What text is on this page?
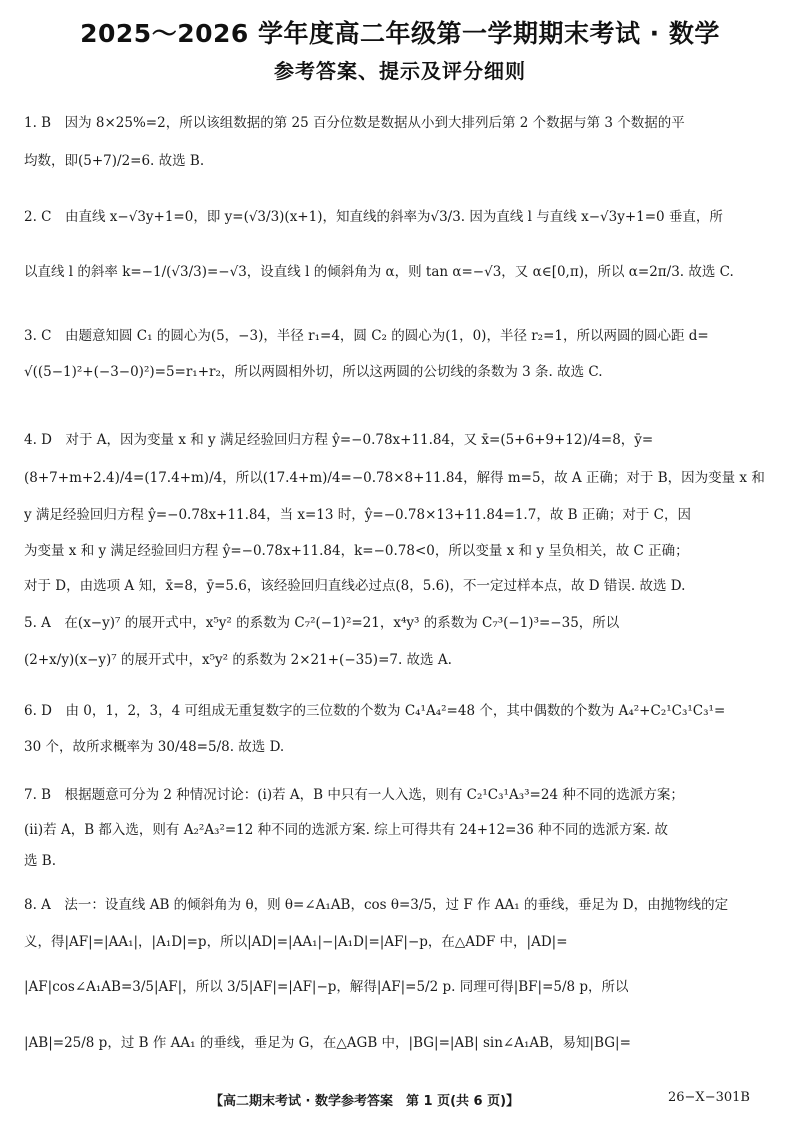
2025～2026 学年度高二年级第一学期期末考试 · 数学
参考答案、提示及评分细则
1. B　因为 8×25%=2，所以该组数据的第 25 百分位数是数据从小到大排列后第 2 个数据与第 3 个数据的平
均数，即(5+7)/2=6. 故选 B.
2. C　由直线 x−√3y+1=0，即 y=(√3/3)(x+1)，知直线的斜率为√3/3. 因为直线 l 与直线 x−√3y+1=0 垂直，所
以直线 l 的斜率 k=−1/(√3/3)=−√3，设直线 l 的倾斜角为 α，则 tan α=−√3，又 α∈[0,π)，所以 α=2π/3. 故选 C.
3. C　由题意知圆 C₁ 的圆心为(5，−3)，半径 r₁=4，圆 C₂ 的圆心为(1，0)，半径 r₂=1，所以两圆的圆心距 d=
√((5−1)²+(−3−0)²)=5=r₁+r₂，所以两圆相外切，所以这两圆的公切线的条数为 3 条. 故选 C.
4. D　对于 A，因为变量 x 和 y 满足经验回归方程 ŷ=−0.78x+11.84，又 x̄=(5+6+9+12)/4=8，ȳ=
(8+7+m+2.4)/4=(17.4+m)/4，所以(17.4+m)/4=−0.78×8+11.84，解得 m=5，故 A 正确；对于 B，因为变量 x 和
y 满足经验回归方程 ŷ=−0.78x+11.84，当 x=13 时，ŷ=−0.78×13+11.84=1.7，故 B 正确；对于 C，因
为变量 x 和 y 满足经验回归方程 ŷ=−0.78x+11.84，k=−0.78<0，所以变量 x 和 y 呈负相关，故 C 正确；
对于 D，由选项 A 知，x̄=8，ȳ=5.6，该经验回归直线必过点(8，5.6)，不一定过样本点，故 D 错误. 故选 D.
5. A　在(x−y)⁷ 的展开式中，x⁵y² 的系数为 C₇²(−1)²=21，x⁴y³ 的系数为 C₇³(−1)³=−35，所以
(2+x/y)(x−y)⁷ 的展开式中，x⁵y² 的系数为 2×21+(−35)=7. 故选 A.
6. D　由 0，1，2，3，4 可组成无重复数字的三位数的个数为 C₄¹A₄²=48 个，其中偶数的个数为 A₄²+C₂¹C₃¹C₃¹=
30 个，故所求概率为 30/48=5/8. 故选 D.
7. B　根据题意可分为 2 种情况讨论：(ⅰ)若 A，B 中只有一人入选，则有 C₂¹C₃¹A₃³=24 种不同的选派方案；
(ⅱ)若 A，B 都入选，则有 A₂²A₃²=12 种不同的选派方案. 综上可得共有 24+12=36 种不同的选派方案. 故
选 B.
8. A　法一：设直线 AB 的倾斜角为 θ，则 θ=∠A₁AB，cos θ=3/5，过 F 作 AA₁ 的垂线，垂足为 D，由抛物线的定
义，得|AF|=|AA₁|，|A₁D|=p，所以|AD|=|AA₁|−|A₁D|=|AF|−p，在△ADF 中，|AD|=
|AF|cos∠A₁AB=3/5|AF|，所以 3/5|AF|=|AF|−p，解得|AF|=5/2 p. 同理可得|BF|=5/8 p，所以
|AB|=25/8 p，过 B 作 AA₁ 的垂线，垂足为 G，在△AGB 中，|BG|=|AB| sin∠A₁AB，易知|BG|=
【高二期末考试 · 数学参考答案　第 1 页(共 6 页)】	26−X−301B
